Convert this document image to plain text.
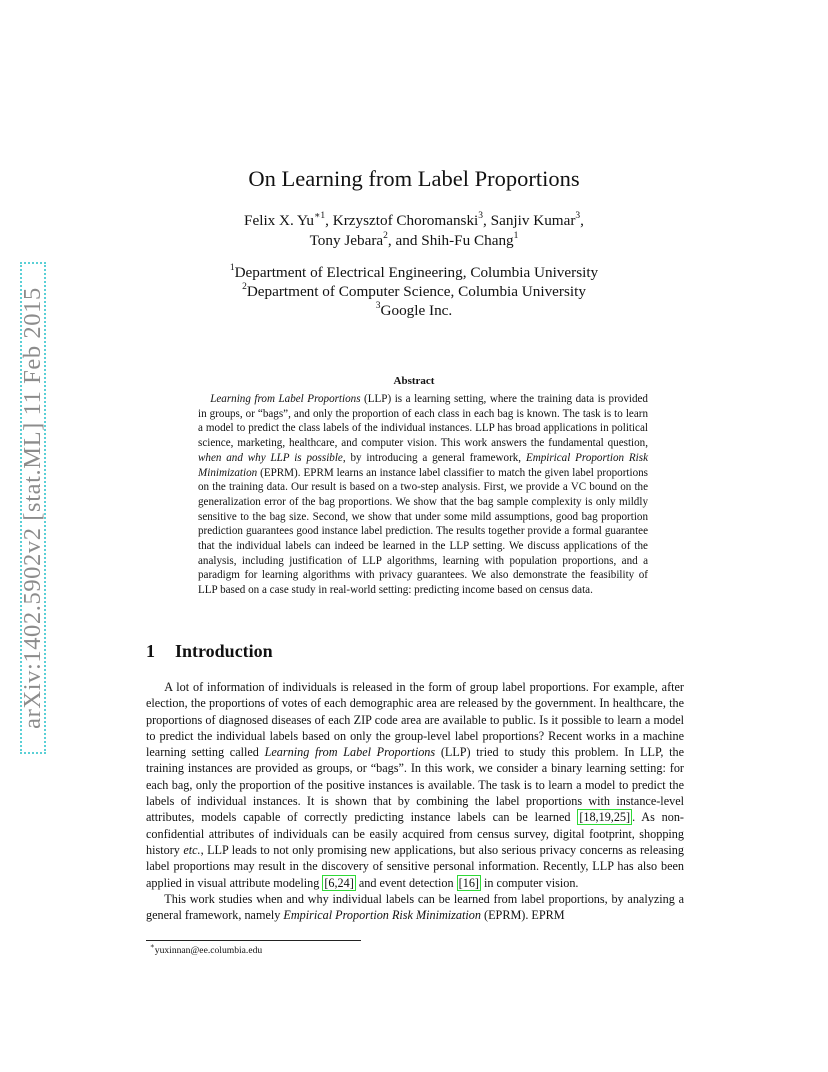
arXiv:1402.5902v2 [stat.ML] 11 Feb 2015
On Learning from Label Proportions
Felix X. $Yu^{∗1}$, Krzysztof Choromanski$^3$, Sanjiv Kumar$^3$,
Tony Jebara$^2$, and Shih-Fu Chang$^1$
$^1$Department of Electrical Engineering, Columbia University
$^2$Department of Computer Science, Columbia University
$^3$Google Inc.
Abstract

Learning from Label Proportions (LLP) is a learning setting, where the training data is provided in groups, or “bags”, and only the proportion of each class in each bag is known. The task is to learn a model to predict the class labels of the individual instances. LLP has broad applications in political science, marketing, healthcare, and computer vision. This work answers the fundamental question, when and why LLP is possible, by introducing a general framework, Empirical Proportion Risk Minimization (EPRM). EPRM learns an instance label classifier to match the given label proportions on the training data. Our result is based on a two-step analysis. First, we provide a VC bound on the generalization error of the bag proportions. We show that the bag sample complexity is only mildly sensitive to the bag size. Second, we show that under some mild assumptions, good bag proportion prediction guarantees good instance label prediction. The results together provide a formal guarantee that the individual labels can indeed be learned in the LLP setting. We discuss applications of the analysis, including justification of LLP algorithms, learning with population proportions, and a paradigm for learning algorithms with privacy guarantees. We also demonstrate the feasibility of LLP based on a case study in real-world setting: predicting income based on census data.

1 Introduction

A lot of information of individuals is released in the form of group label proportions. For example, after election, the proportions of votes of each demographic area are released by the government. In healthcare, the proportions of diagnosed diseases of each ZIP code area are available to public. Is it possible to learn a model to predict the individual labels based on only the group-level label proportions? Recent works in a machine learning setting called Learning from Label Proportions (LLP) tried to study this problem. In LLP, the training instances are provided as groups, or “bags”. In this work, we consider a binary learning setting: for each bag, only the proportion of the positive instances is available. The task is to learn a model to predict the labels of individual instances. It is shown that by combining the label proportions with instance-level attributes, models capable of correctly predicting instance labels can be learned [18,19,25] . As non-confidential attributes of individuals can be easily acquired from census survey, digital footprint, shopping history etc., LLP leads to not only promising new applications, but also serious privacy concerns as releasing label proportions may result in the discovery of sensitive personal information. Recently, LLP has also been applied in visual attribute modeling [6,24] and event detection [16] in computer vision.

This work studies when and why individual labels can be learned from label proportions, by analyzing a general framework, namely Empirical Proportion Risk Minimization (EPRM). EPRM

∗yuxinnan@ee.columbia.edu
